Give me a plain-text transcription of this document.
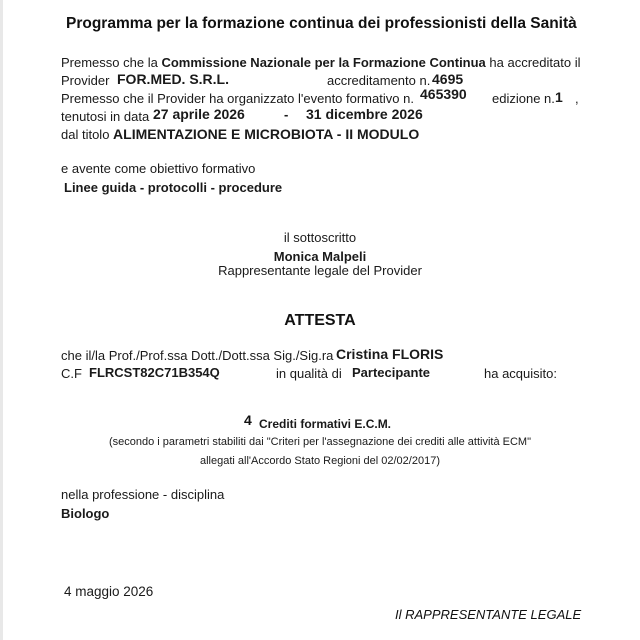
Programma per la formazione continua dei professionisti della Sanità
Premesso che la Commissione Nazionale per la Formazione Continua ha accreditato il
Provider FOR.MED. S.R.L.	accreditamento n. 4695
Premesso che il Provider ha organizzato l'evento formativo n. 465390 edizione n. 1 ,
tenutosi in data 27 aprile 2026	- 31 dicembre 2026
dal titolo ALIMENTAZIONE E MICROBIOTA - II MODULO
e avente come obiettivo formativo
Linee guida - protocolli - procedure
il sottoscritto
Monica Malpeli
Rappresentante legale del Provider
ATTESTA
che il/la Prof./Prof.ssa Dott./Dott.ssa Sig./Sig.ra Cristina FLORIS
C.F FLRCST82C71B354Q	in qualità di Partecipante	ha acquisito:
4 Crediti formativi E.C.M.
(secondo i parametri stabiliti dai "Criteri per l'assegnazione dei crediti alle attività ECM"
allegati all'Accordo Stato Regioni del 02/02/2017)
nella professione - disciplina
Biologo
4 maggio 2026
Il RAPPRESENTANTE LEGALE
